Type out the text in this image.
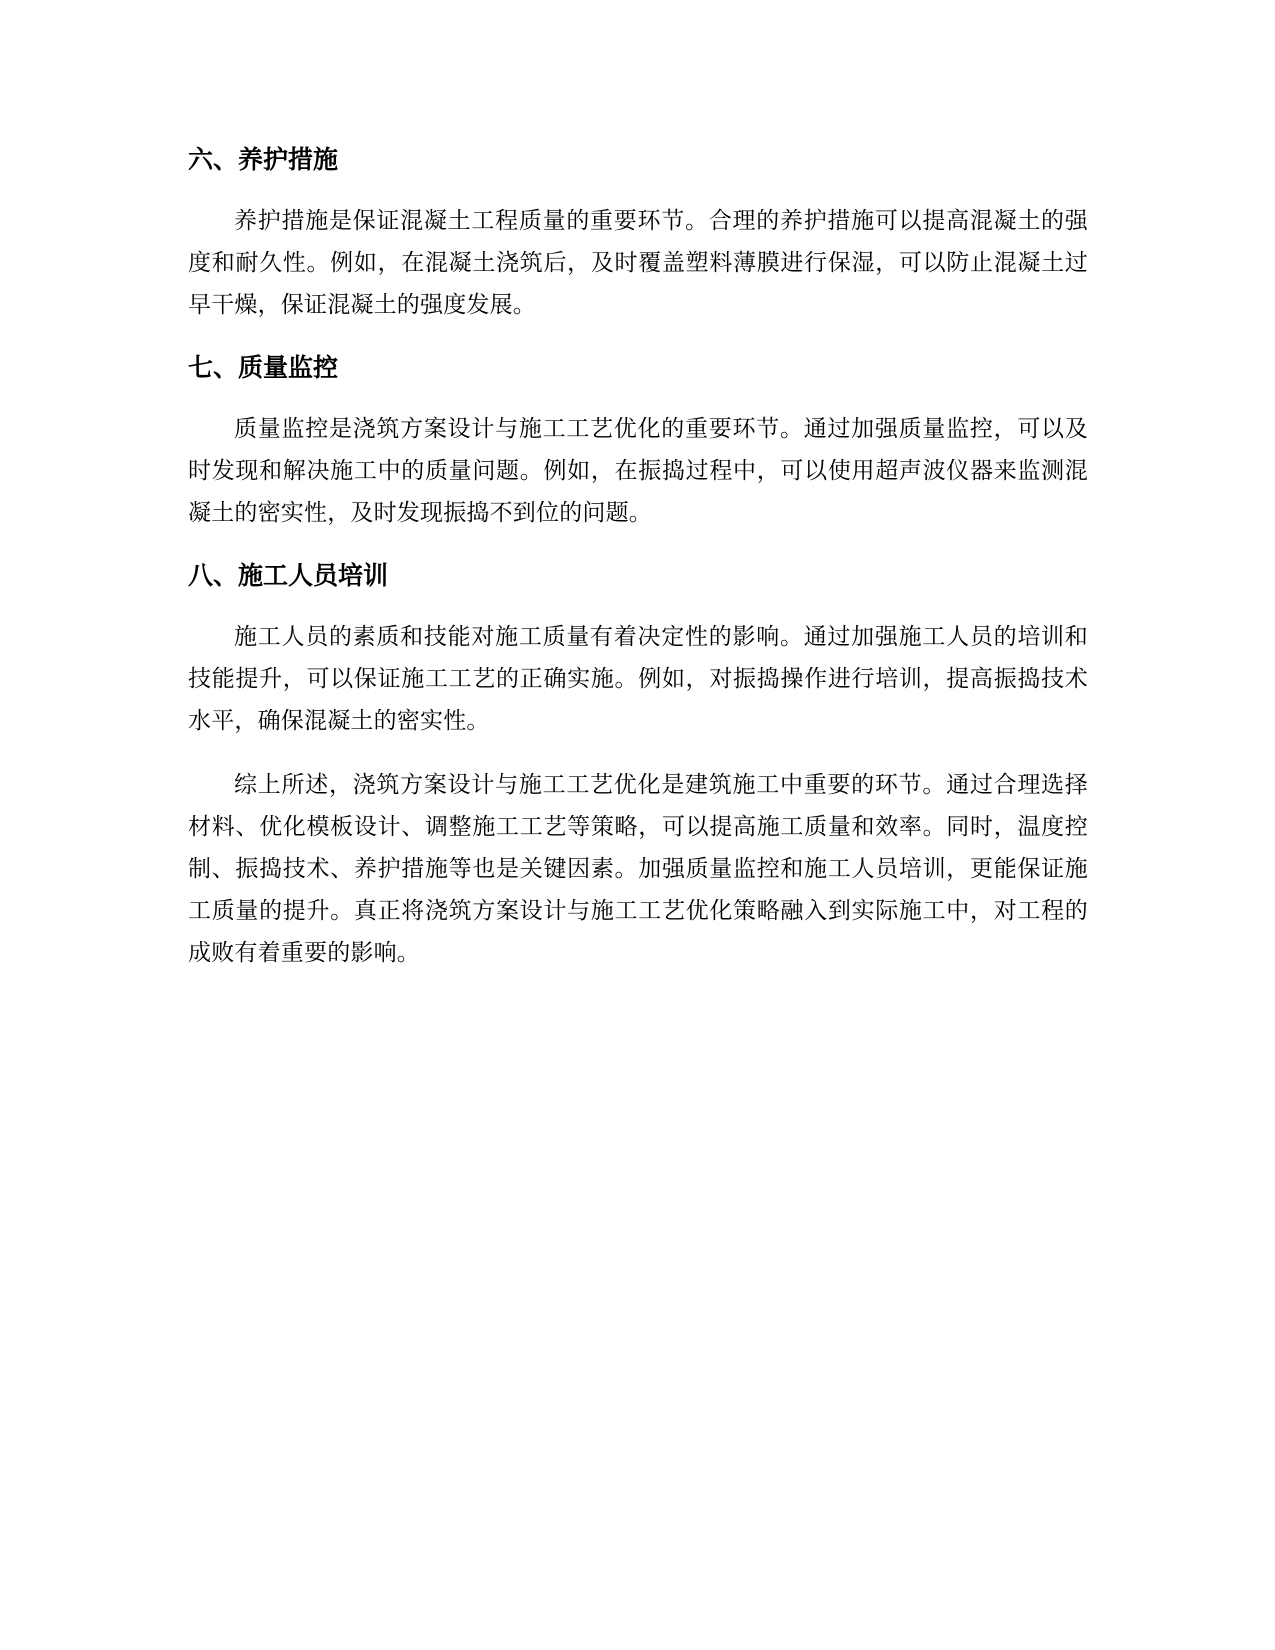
六、养护措施

养护措施是保证混凝土工程质量的重要环节。合理的养护措施可以提高混凝土的强度和耐久性。例如，在混凝土浇筑后，及时覆盖塑料薄膜进行保湿，可以防止混凝土过早干燥，保证混凝土的强度发展。

七、质量监控

质量监控是浇筑方案设计与施工工艺优化的重要环节。通过加强质量监控，可以及时发现和解决施工中的质量问题。例如，在振捣过程中，可以使用超声波仪器来监测混凝土的密实性，及时发现振捣不到位的问题。

八、施工人员培训

施工人员的素质和技能对施工质量有着决定性的影响。通过加强施工人员的培训和技能提升，可以保证施工工艺的正确实施。例如，对振捣操作进行培训，提高振捣技术水平，确保混凝土的密实性。

综上所述，浇筑方案设计与施工工艺优化是建筑施工中重要的环节。通过合理选择材料、优化模板设计、调整施工工艺等策略，可以提高施工质量和效率。同时，温度控制、振捣技术、养护措施等也是关键因素。加强质量监控和施工人员培训，更能保证施工质量的提升。真正将浇筑方案设计与施工工艺优化策略融入到实际施工中，对工程的成败有着重要的影响。
